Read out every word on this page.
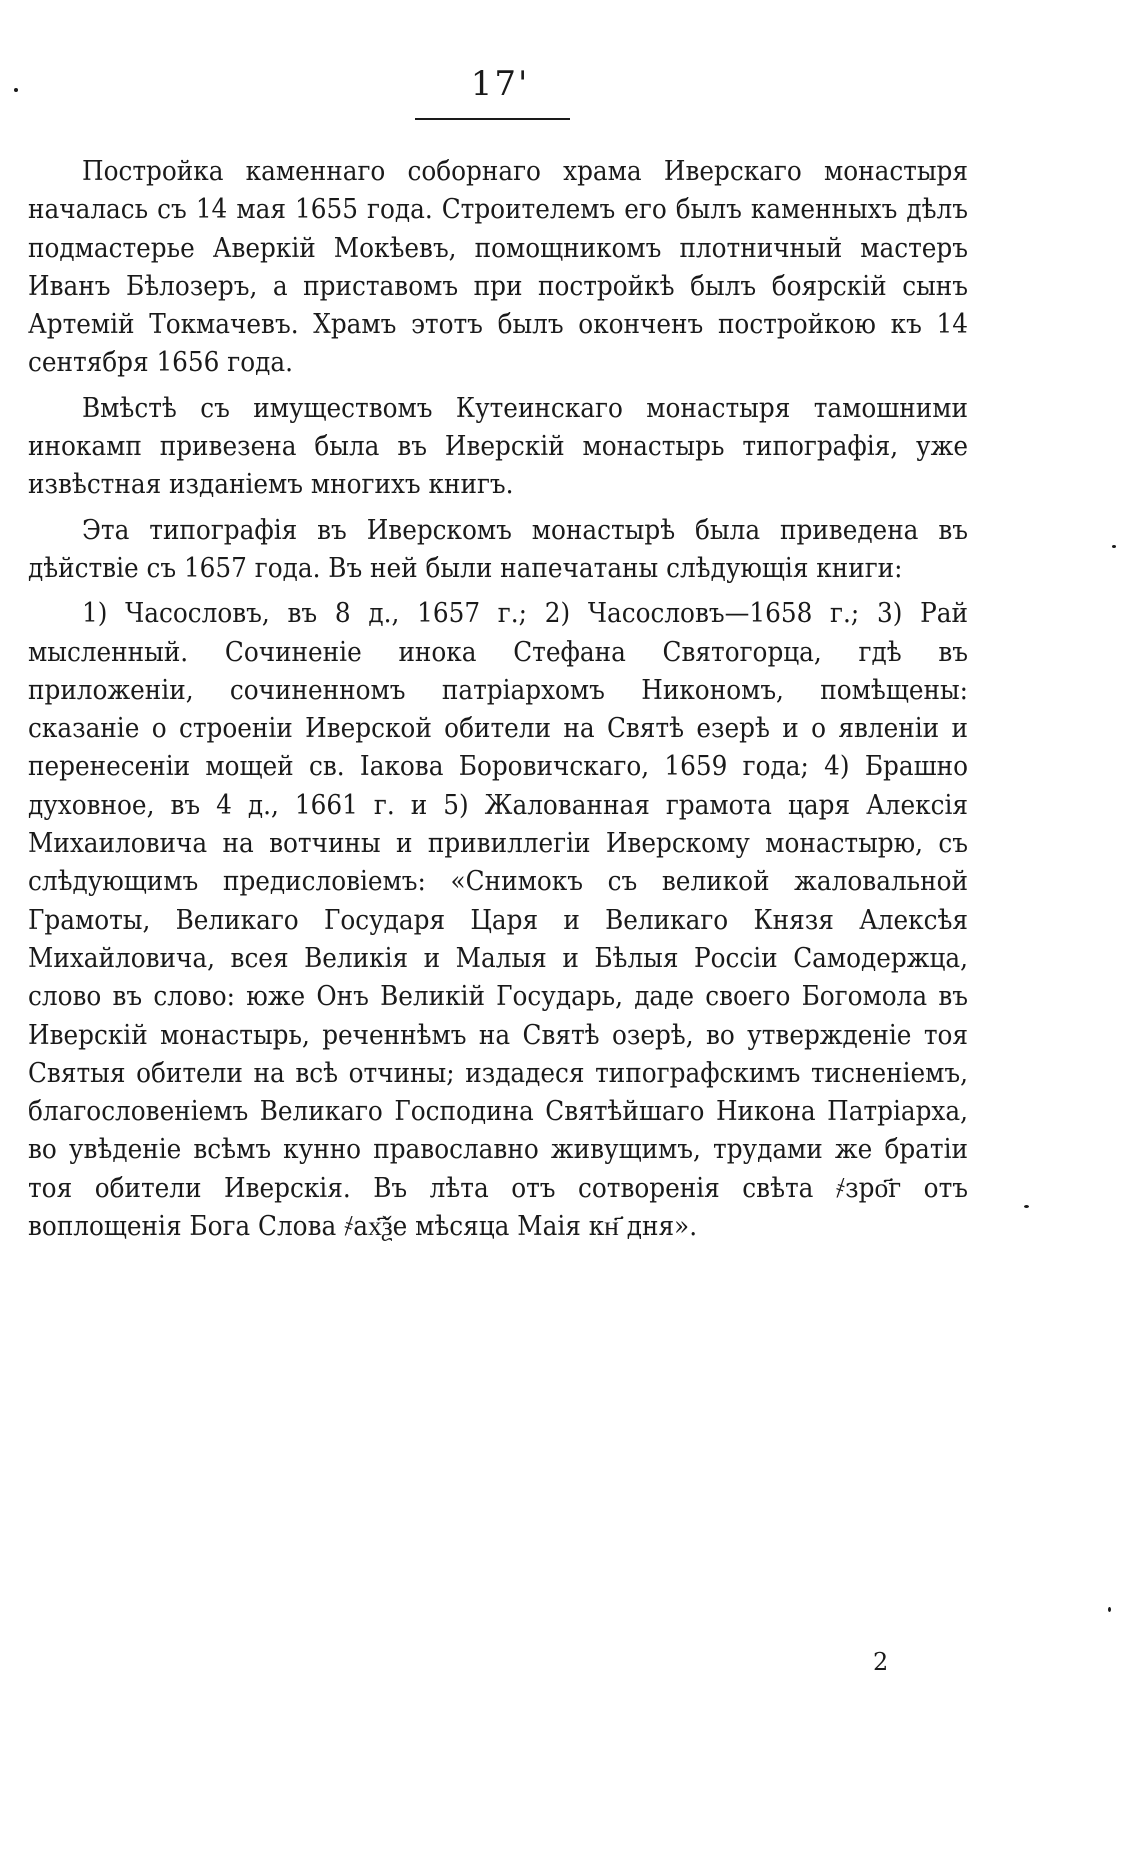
17'

Постройка каменнаго соборнаго храма Иверскаго монастыря началась съ 14 мая 1655 года. Строителемъ его былъ каменныхъ дѣлъ подмастерье Аверкій Мокѣевъ, помощникомъ плотничный мастеръ Иванъ Бѣлозеръ, а приставомъ при постройкѣ былъ боярскій сынъ Артемій Токмачевъ. Храмъ этотъ былъ оконченъ постройкою къ 14 сентября 1656 года.

Вмѣстѣ съ имуществомъ Кутеинскаго монастыря тамошними инокамп привезена была въ Иверскій монастырь типографія, уже извѣстная изданіемъ многихъ книгъ.

Эта типографія въ Иверскомъ монастырѣ была приведена въ дѣйствіе съ 1657 года. Въ ней были напечатаны слѣдующія книги:

1) Часословъ, въ 8 д., 1657 г.; 2) Часословъ—1658 г.; 3) Рай мысленный. Сочиненіе инока Стефана Святогорца, гдѣ въ приложеніи, сочиненномъ патріархомъ Никономъ, помѣщены: сказаніе о строеніи Иверской обители на Святѣ езерѣ и о явленіи и перенесеніи мощей св. Іакова Боровичскаго, 1659 года; 4) Брашно духовное, въ 4 д., 1661 г. и 5) Жалованная грамота царя Алексія Михаиловича на вотчины и привиллегіи Иверскому монастырю, съ слѣдующимъ предисловіемъ: «Снимокъ съ великой жаловальной Грамоты, Великаго Государя Царя и Великаго Князя Алексѣя Михайловича, всея Великія и Малыя и Бѣлыя Россіи Самодержца, слово въ слово: юже Онъ Великій Государь, даде своего Богомола въ Иверскій монастырь, реченнѣмъ на Святѣ озерѣ, во утвержденіе тоя Святыя обители на всѣ отчины; издадеся типографскимъ тисненіемъ, благословеніемъ Великаго Господина Святѣйшаго Никона Патріарха, во увѣденіе всѣмъ кунно православно живущимъ, трудами же братіи тоя обители Иверскія. Въ лѣта отъ сотворенія свѣта ҂зро҃г отъ воплощенія Бога Слова ҂ах҃ѯе мѣсяца Маія кн҃ дня».

2
